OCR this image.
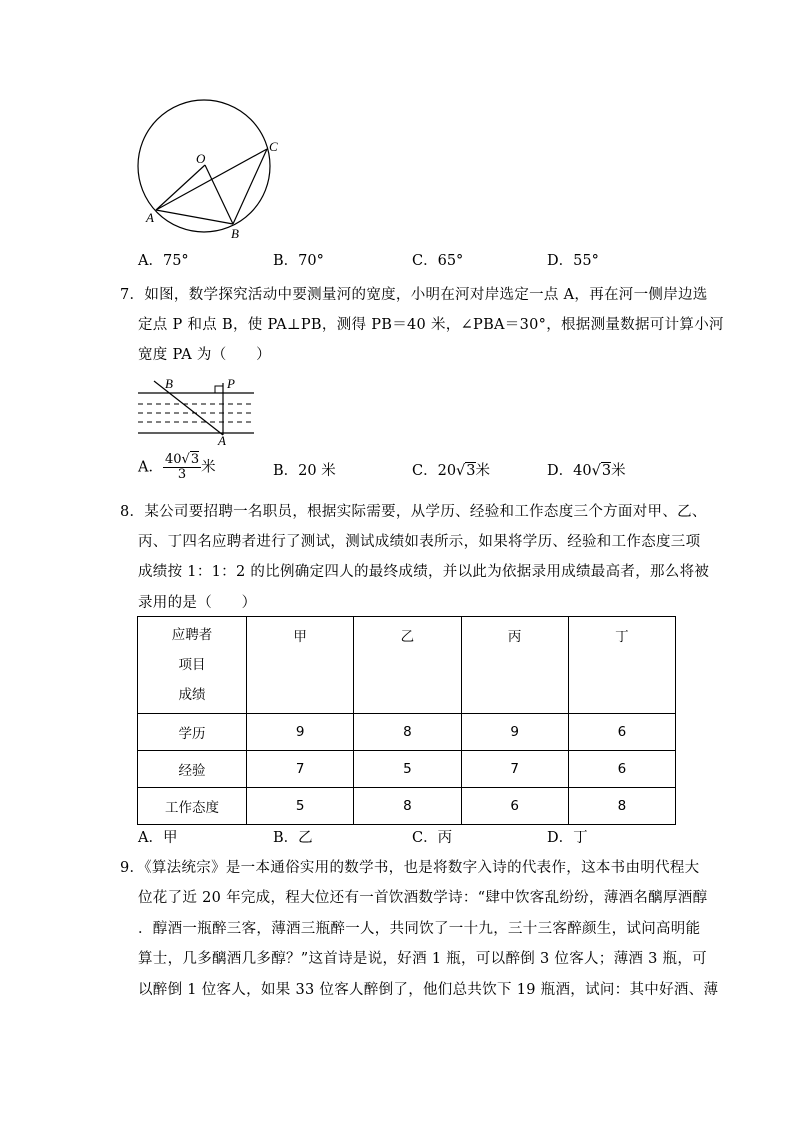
O
C
A
B
A．75°	B．70°	C．65°	D．55°
7．如图，数学探究活动中要测量河的宽度，小明在河对岸选定一点 A，再在河一侧岸边选
定点 P 和点 B，使 PA⊥PB，测得 PB＝40 米，∠PBA＝30°，根据测量数据可计算小河
宽度 PA 为（　　）
B	P
A
A． $\frac{40√3}{3}$ 米	B．20 米	C．20√3米	D．40√3米
8．某公司要招聘一名职员，根据实际需要，从学历、经验和工作态度三个方面对甲、乙、
丙、丁四名应聘者进行了测试，测试成绩如表所示，如果将学历、经验和工作态度三项
成绩按 1：1：2 的比例确定四人的最终成绩，并以此为依据录用成绩最高者，那么将被
录用的是（　　）
应聘者
项目
成绩	甲	乙	丙	丁
学历	9	8	9	6
经验	7	5	7	6
工作态度	5	8	6	8
A．甲	B．乙	C．丙	D．丁
9．《算法统宗》是一本通俗实用的数学书，也是将数字入诗的代表作，这本书由明代程大
位花了近 20 年完成，程大位还有一首饮酒数学诗：“肆中饮客乱纷纷，薄酒名醨厚酒醇
．醇酒一瓶醉三客，薄酒三瓶醉一人，共同饮了一十九，三十三客醉颜生，试问高明能
算士，几多醨酒几多醇？”这首诗是说，好酒 1 瓶，可以醉倒 3 位客人；薄酒 3 瓶，可
以醉倒 1 位客人，如果 33 位客人醉倒了，他们总共饮下 19 瓶酒，试问：其中好酒、薄
